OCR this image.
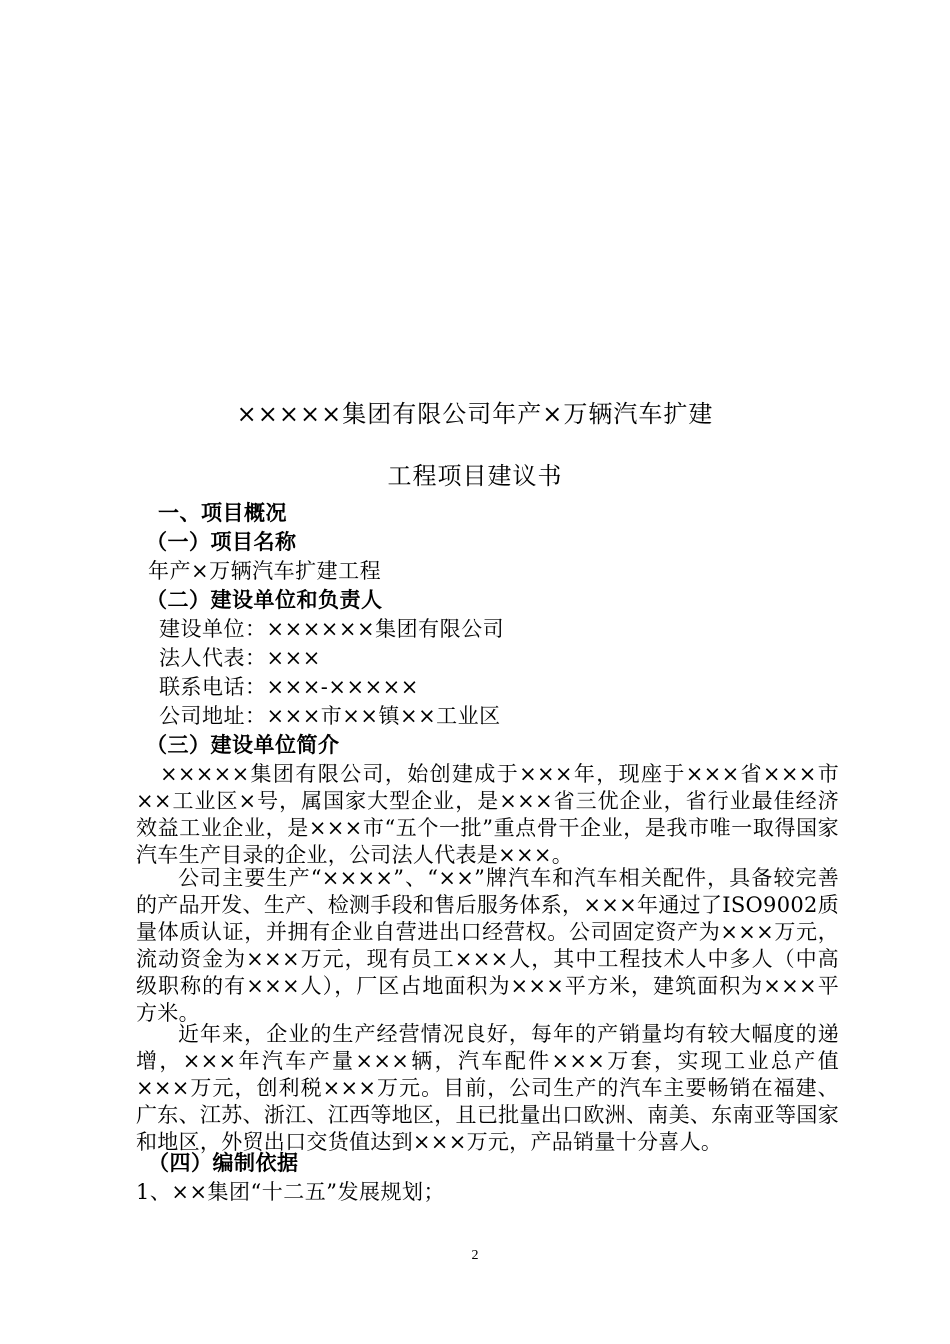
×××××集团有限公司年产×万辆汽车扩建
工程项目建议书
一、项目概况
（一）项目名称
年产×万辆汽车扩建工程
（二）建设单位和负责人
建设单位：××××××集团有限公司
法人代表：×××
联系电话：×××-×××××
公司地址：×××市××镇××工业区
（三）建设单位简介
×××××集团有限公司，始创建成于×××年，现座于×××省×××市××工业区×号，属国家大型企业，是×××省三优企业，省行业最佳经济效益工业企业，是×××市“五个一批”重点骨干企业，是我市唯一取得国家汽车生产目录的企业，公司法人代表是×××。
公司主要生产“××××”、“××”牌汽车和汽车相关配件，具备较完善的产品开发、生产、检测手段和售后服务体系，×××年通过了ISO9002质量体质认证，并拥有企业自营进出口经营权。公司固定资产为×××万元，流动资金为×××万元，现有员工×××人，其中工程技术人中多人（中高级职称的有×××人），厂区占地面积为×××平方米，建筑面积为×××平方米。
近年来，企业的生产经营情况良好，每年的产销量均有较大幅度的递增，×××年汽车产量×××辆，汽车配件×××万套，实现工业总产值×××万元，创利税×××万元。目前，公司生产的汽车主要畅销在福建、广东、江苏、浙江、江西等地区，且已批量出口欧洲、南美、东南亚等国家和地区，外贸出口交货值达到×××万元，产品销量十分喜人。
（四）编制依据
1、××集团“十二五”发展规划；
2
